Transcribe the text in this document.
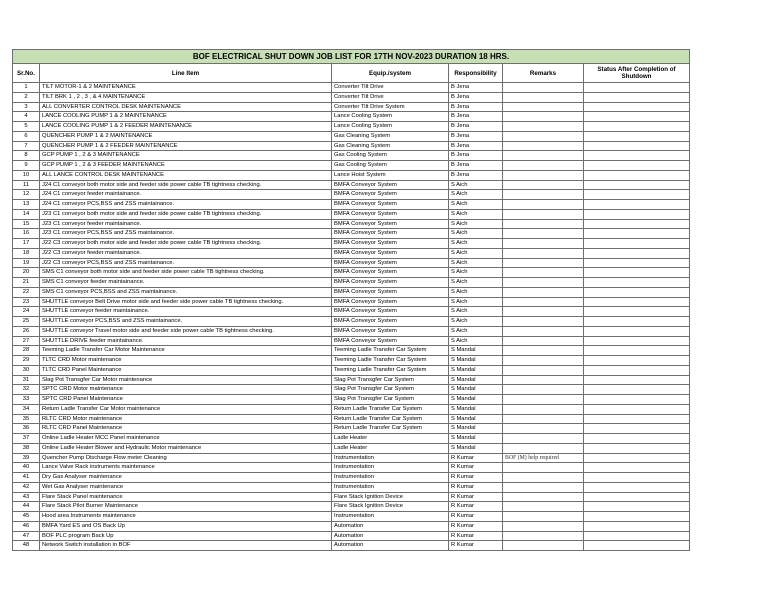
BOF ELECTRICAL SHUT DOWN JOB LIST FOR 17TH NOV-2023 DURATION 18 HRS.					
Sr.No.	Line Item	Equip./system	Responsibility	Remarks	Status After Completion of Shutdown
1	TILT MOTOR-1 & 2 MAINTENANCE	Converter Tilt Drive	B Jena		
2	TILT BRK 1 , 2 , 3 , & 4 MAINTENANCE	Converter Tilt Drive	B Jena		
3	ALL CONVERTER CONTROL DESK MAINTENANCE	Converter Tilt Drive System	B Jena		
4	LANCE COOLING PUMP 1 & 2 MAINTENANCE	Lance Cooling System	B Jena		
5	LANCE COOLING PUMP 1 & 2 FEEDER MAINTENANCE	Lance Cooling System	B Jena		
6	QUENCHER PUMP 1 & 2 MAINTENANCE	Gas Cleaning System	B Jena		
7	QUENCHER PUMP 1 & 2 FEEDER MAINTENANCE	Gas Cleaning System	B Jena		
8	GCP PUMP 1 , 2 & 3 MAINTENANCE	Gas Cooling System	B Jena		
9	GCP PUMP 1 , 2 & 3 FEEDER MAINTENANCE	Gas Cooling System	B Jena		
10	ALL LANCE CONTROL DESK MAINTENANCE	Lance Hoist System	B Jena		
11	J24 C1 conveyor both motor side and feeder side power cable TB tightness checking.	BMFA Conveyor System	S Aich		
12	J24 C1 conveyor feeder maintainance.	BMFA Conveyor System	S Aich		
13	J24 C1 conveyor PCS,BSS and ZSS maintainance.	BMFA Conveyor System	S Aich		
14	J23 C1 conveyor both motor side and feeder side power cable TB tightness checking.	BMFA Conveyor System	S Aich		
15	J23 C1 conveyor feeder maintainance.	BMFA Conveyor System	S Aich		
16	J23 C1 conveyor PCS,BSS and ZSS maintainance.	BMFA Conveyor System	S Aich		
17	J22 C3 conveyor both motor side and feeder side power cable TB tightness checking.	BMFA Conveyor System	S Aich		
18	J22 C3 conveyor feeder maintainance.	BMFA Conveyor System	S Aich		
19	J22 C3 conveyor PCS,BSS and ZSS maintainance.	BMFA Conveyor System	S Aich		
20	SMS C1 conveyor both motor side and feeder side power cable TB tightness checking.	BMFA Conveyor System	S Aich		
21	SMS C1 conveyor feeder maintainance.	BMFA Conveyor System	S Aich		
22	SMS C1 conveyor PCS,BSS and ZSS maintainance.	BMFA Conveyor System	S Aich		
23	SHUTTLE conveyor Belt Drive motor side and feeder side power cable TB tightness checking.	BMFA Conveyor System	S Aich		
24	SHUTTLE conveyor feeder maintainance.	BMFA Conveyor System	S Aich		
25	SHUTTLE conveyor PCS,BSS and ZSS maintainance.	BMFA Conveyor System	S Aich		
26	SHUTTLE conveyor Travel motor side and feeder side power cable TB tightness checking.	BMFA Conveyor System	S Aich		
27	SHUTTLE DRIVE feeder maintainance.	BMFA Conveyor System	S Aich		
28	Teeming Ladle Transfer Car Motor Maintenance	Teeming Ladle Transfer Car System	S Mandal		
29	TLTC CRD Motor maintenance	Teeming Ladle Transfer Car System	S Mandal		
30	TLTC CRD Panel Maintenance	Teeming Ladle Transfer Car System	S Mandal		
31	Slag Pot Transgfer Car Motor maintenance	Slag Pot Transgfer Car System	S Mandal		
32	SPTC CRD Motor maintenance	Slag Pot Transgfer Car System	S Mandal		
33	SPTC CRD Panel Maintenance	Slag Pot Transgfer Car System	S Mandal		
34	Return Ladle Transfer Car Motor maintenance	Return Ladle Transfer Car System	S Mandal		
35	RLTC CRD Motor maintenance	Return Ladle Transfer Car System	S Mandal		
36	RLTC CRD Panel Maintenance	Return Ladle Transfer Car System	S Mandal		
37	Online Ladle Heater MCC Panel maintenance	Ladle Heater	S Mandal		
38	Online Ladle Heater Blower and Hydraulic Motor maintenance	Ladle Heater	S Mandal		
39	Quencher Pump Discharge Flow meter Cleaning	Instrumentation	R Kumar	BOF (M) help required	
40	Lance Valve Rack instruments maintenance	Instrumentation	R Kumar		
41	Dry Gas Analyser maintenance	Instrumentation	R Kumar		
42	Wet Gas Analyser maintenance	Instrumentation	R Kumar		
43	Flare Stack Panel maintenance	Flare Stack Ignition Device	R Kumar		
44	Flare Stack Pilot Burner Maintenance	Flare Stack Ignition Device	R Kumar		
45	Hood area Instruments maintenance	Instrumentation	R Kumar		
46	BMFA Yard ES and OS Back Up	Automation	R Kumar		
47	BOF PLC program Back Up	Automation	R Kumar		
48	Network Switch installation in BOF	Automation	R Kumar		
